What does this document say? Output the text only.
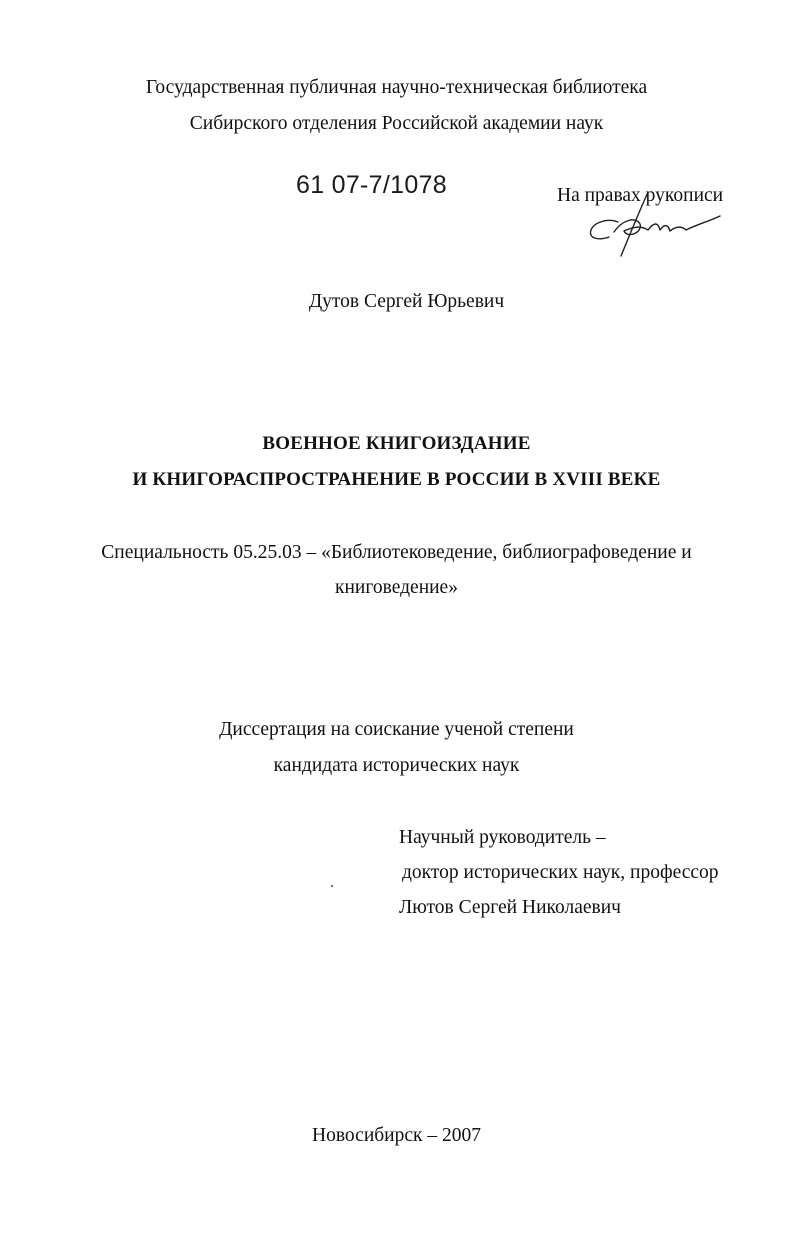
Государственная публичная научно-техническая библиотека
Сибирского отделения Российской академии наук
61 07-7/1078	На правах рукописи
Дутов Сергей Юрьевич
ВОЕННОЕ КНИГОИЗДАНИЕ
И КНИГОРАСПРОСТРАНЕНИЕ В РОССИИ В XVIII ВЕКЕ
Специальность 05.25.03 – «Библиотековедение, библиографоведение и
книговедение»
Диссертация на соискание ученой степени
кандидата исторических наук
Научный руководитель –
доктор исторических наук, профессор
Лютов Сергей Николаевич
Новосибирск – 2007
